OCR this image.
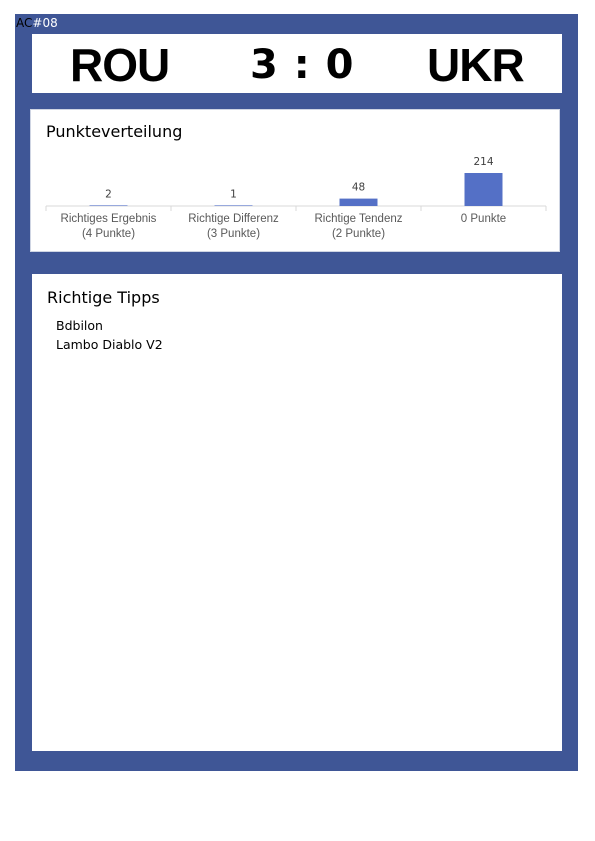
AC#08
ROU 3 : 0 UKR
Punkteverteilung
2
Richtiges Ergebnis
(4 Punkte)
1
Richtige Differenz
(3 Punkte)
48
Richtige Tendenz
(2 Punkte)
214
0 Punkte
Richtige Tipps
Bdbilon
Lambo Diablo V2
